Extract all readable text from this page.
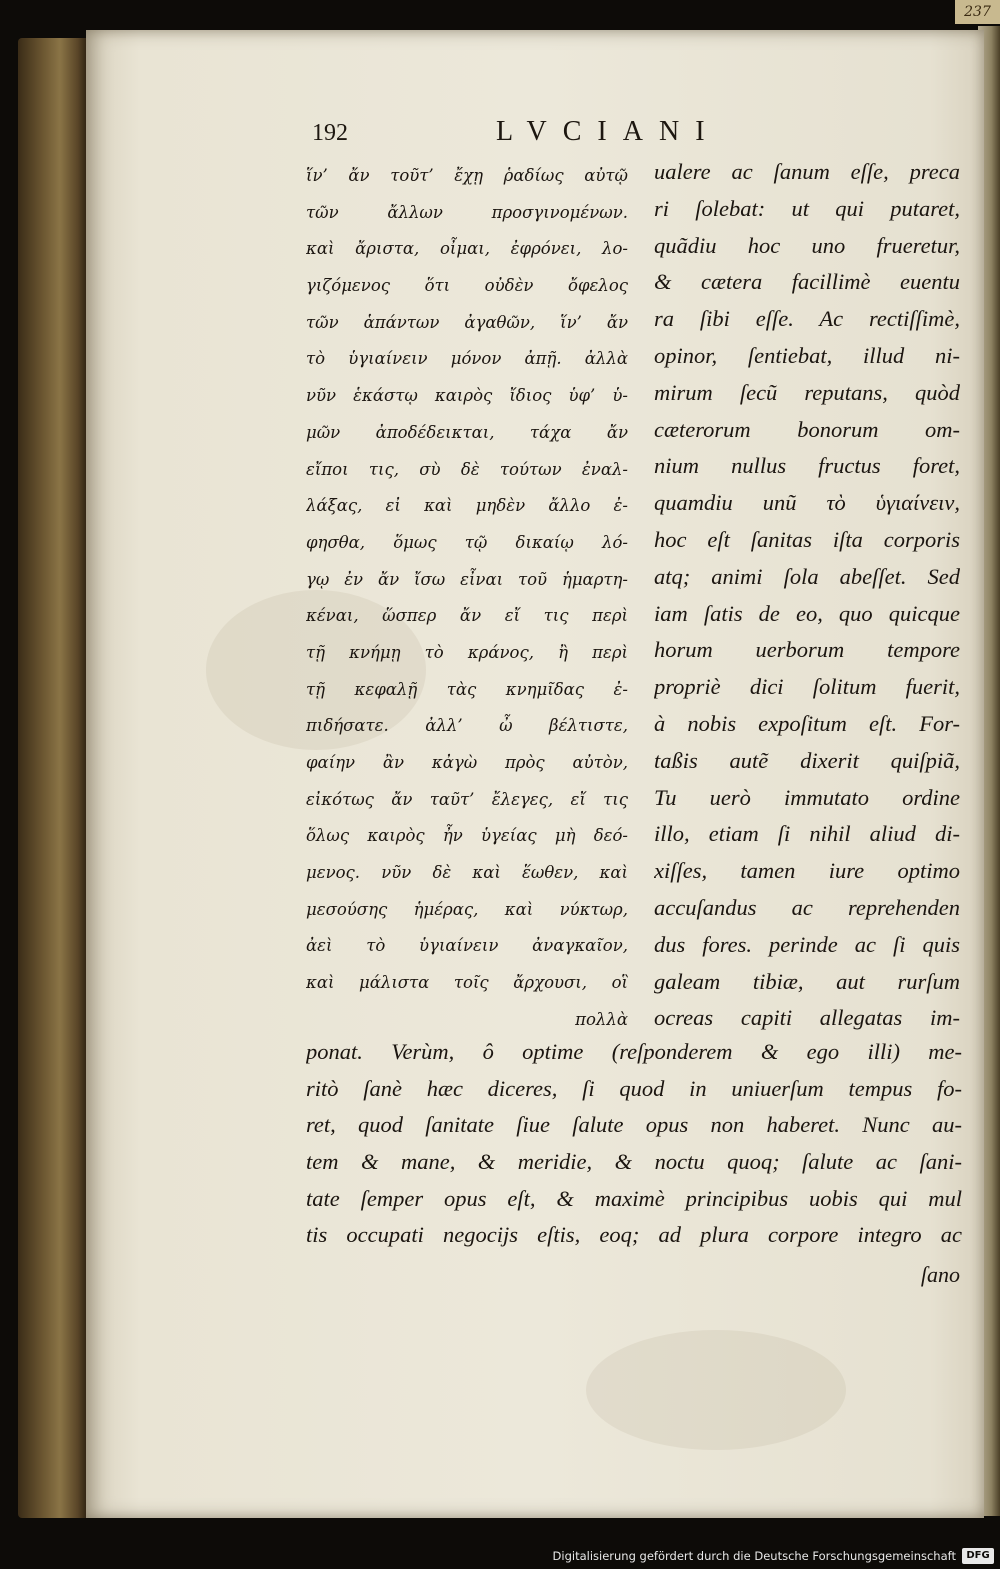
237
192	LVCIANI
ἵν’ ἄν τοῦτ’ ἔχῃ ῥαδίως αὐτῷ
τῶν ἄλλων προσγινομένων.
καὶ ἄριστα, οἶμαι, ἐφρόνει, λο-
γιζόμενος ὅτι οὐδὲν ὄφελος
τῶν ἁπάντων ἀγαθῶν, ἵν’ ἄν
τὸ ὑγιαίνειν μόνον ἀπῇ. ἀλλὰ
νῦν ἑκάστῳ καιρὸς ἴδιος ὑφ’ ὑ-
μῶν ἀποδέδεικται, τάχα ἄν
εἴποι τις, σὺ δὲ τούτων ἐναλ-
λάξας, εἰ καὶ μηδὲν ἄλλο ἐ-
φησθα, ὅμως τῷ δικαίῳ λό-
γῳ ἐν ἄν ἴσω εἶναι τοῦ ἡμαρτη-
κέναι, ὥσπερ ἄν εἴ τις περὶ
τῇ κνήμῃ τὸ κράνος, ἢ περὶ
τῇ κεφαλῇ τὰς κνημῖδας ἐ-
πιδήσατε. ἀλλ’ ὦ βέλτιστε,
φαίην ἂν κἀγὼ πρὸς αὐτὸν,
εἰκότως ἄν ταῦτ’ ἔλεγες, εἴ τις
ὅλως καιρὸς ἦν ὑγείας μὴ δεό-
μενος. νῦν δὲ καὶ ἕωθεν, καὶ
μεσούσης ἡμέρας, καὶ νύκτωρ,
ἀεὶ τὸ ὑγιαίνειν ἀναγκαῖον,
καὶ μάλιστα τοῖς ἄρχουσι, οἳ
πολλὰ
ualere ac ſanum eſſe, preca
ri ſolebat: ut qui putaret,
quãdiu hoc uno frueretur,
& cætera facillimè euentu
ra ſibi eſſe. Ac rectiſſimè,
opinor, ſentiebat, illud ni-
mirum ſecũ reputans, quòd
cæterorum bonorum om-
nium nullus fructus foret,
quamdiu unũ τὸ ὑγιαίνειν,
hoc eſt ſanitas iſta corporis
atq; animi ſola abeſſet. Sed
iam ſatis de eo, quo quicque
horum uerborum tempore
propriè dici ſolitum fuerit,
à nobis expoſitum eſt. For-
taßis autẽ dixerit quiſpiã,
Tu uerò immutato ordine
illo, etiam ſi nihil aliud di-
xiſſes, tamen iure optimo
accuſandus ac reprehenden
dus fores. perinde ac ſi quis
galeam tibiæ, aut rurſum
ocreas capiti allegatas im-
ponat. Verùm, ô optime (reſponderem & ego illi) me-
ritò ſanè hæc diceres, ſi quod in uniuerſum tempus fo-
ret, quod ſanitate ſiue ſalute opus non haberet. Nunc au-
tem & mane, & meridie, & noctu quoq; ſalute ac ſani-
tate ſemper opus eſt, & maximè principibus uobis qui mul
tis occupati negocijs eſtis, eoq; ad plura corpore integro ac
ſano
Digitalisierung gefördert durch die Deutsche Forschungsgemeinschaft	DFG
